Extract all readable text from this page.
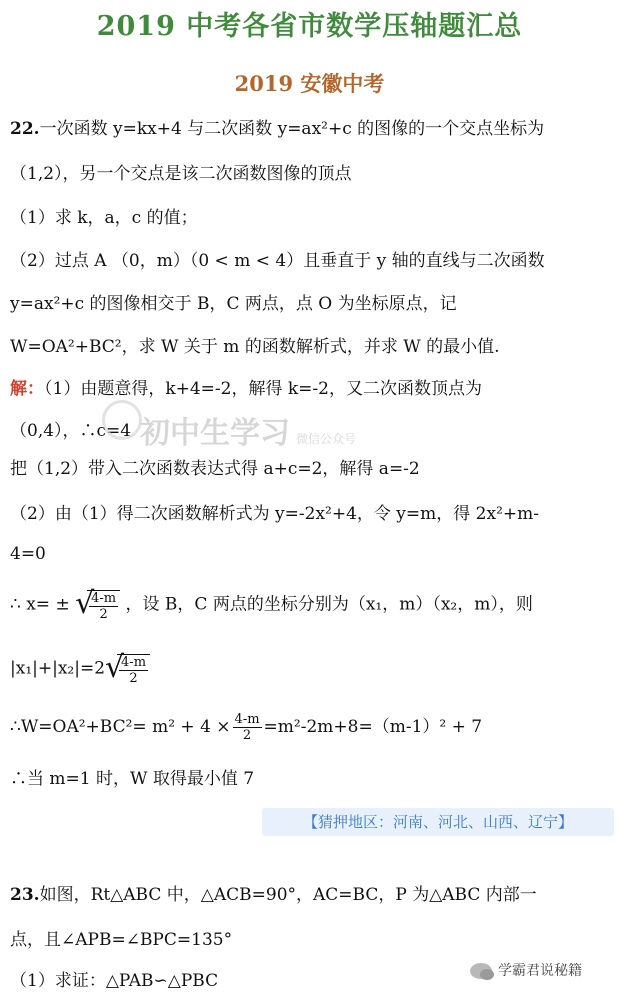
2019 中考各省市数学压轴题汇总
2019 安徽中考
22.一次函数 y=kx+4 与二次函数 y=ax²+c 的图像的一个交点坐标为
（1,2），另一个交点是该二次函数图像的顶点
（1）求 k，a，c 的值；
（2）过点 A （0，m）（0 < m < 4）且垂直于 y 轴的直线与二次函数
y=ax²+c 的图像相交于 B，C 两点，点 O 为坐标原点，记
W=OA²+BC²，求 W 关于 m 的函数解析式，并求 W 的最小值.
解：（1）由题意得，k+4=-2，解得 k=-2，又二次函数顶点为
（0,4），∴c=4
把（1,2）带入二次函数表达式得 a+c=2，解得 a=-2
（2）由（1）得二次函数解析式为 y=-2x²+4，令 y=m，得 2x²+m-
4=0
∴ x= ± √
$\frac{4-m}{2}$ ，设 B，C 两点的坐标分别为（x₁，m）（x₂，m），则
|x₁|+|x₂|=2 √
$\frac{4-m}{2}$
∴W=OA²+BC²= $m^2 + 4 \times \frac{4-m}{2} =m^2-2m+8=(m-1)^2 + 7$
∴当 m=1 时，W 取得最小值 7
【猜押地区：河南、河北、山西、辽宁】
23.如图，Rt△ABC 中，△ACB=90°，AC=BC，P 为△ABC 内部一
点，且∠APB=∠BPC=135°
（1）求证：△PAB∽△PBC
初中生学习 微信公众号
学霸君说秘籍
